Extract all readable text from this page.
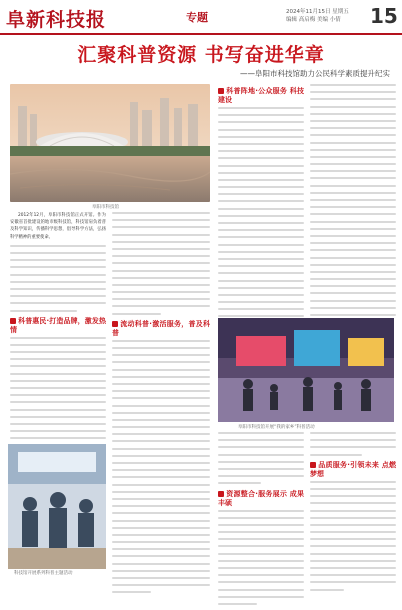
阜新科技报	专题	2024年11月15日 星期五
编辑 高启梅 美编 小倩	15
汇聚科普资源 书写奋进华章
——阜阳市科技馆助力公民科学素质提升纪实
阜阳市科技馆

2012年12月，阜阳市科技馆正式开馆。作为安徽省首批建设的地市级科技馆，科技馆肩负着普及科学知识，传播科学思想，倡导科学方法，弘扬科学精神的重要使命。

科普惠民·打造品牌，激发热情
流动科普·激活服务，普及科普
科普阵地·公众服务 科技建设
阜阳市科技馆开展“我的家乡”科普活动
资源整合·服务展示 成果丰硕
品质服务·引领未来 点燃梦想
科技馆开展系列科普主题活动
